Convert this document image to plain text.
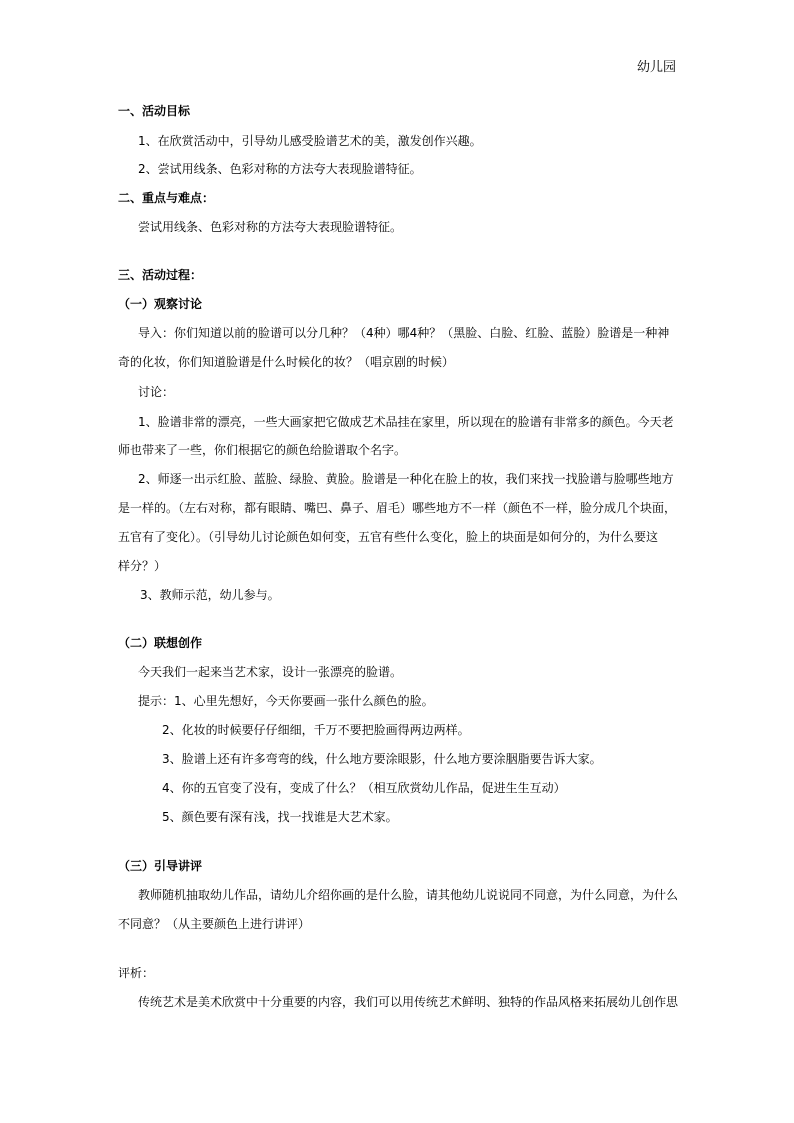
幼儿园
一、活动目标
1、在欣赏活动中，引导幼儿感受脸谱艺术的美，激发创作兴趣。
2、尝试用线条、色彩对称的方法夸大表现脸谱特征。
二、重点与难点：
尝试用线条、色彩对称的方法夸大表现脸谱特征。
三、活动过程：
（一）观察讨论
导入：你们知道以前的脸谱可以分几种？（4种）哪4种？（黑脸、白脸、红脸、蓝脸）脸谱是一种神
奇的化妆，你们知道脸谱是什么时候化的妆？（唱京剧的时候）
讨论：
1、脸谱非常的漂亮，一些大画家把它做成艺术品挂在家里，所以现在的脸谱有非常多的颜色。今天老
师也带来了一些，你们根据它的颜色给脸谱取个名字。
2、师逐一出示红脸、蓝脸、绿脸、黄脸。脸谱是一种化在脸上的妆，我们来找一找脸谱与脸哪些地方
是一样的。（左右对称，都有眼睛、嘴巴、鼻子、眉毛）哪些地方不一样（颜色不一样，脸分成几个块面，
五官有了变化）。（引导幼儿讨论颜色如何变，五官有些什么变化，脸上的块面是如何分的，为什么要这
样分？）
3、教师示范，幼儿参与。
（二）联想创作
今天我们一起来当艺术家，设计一张漂亮的脸谱。
提示：1、心里先想好，今天你要画一张什么颜色的脸。
2、化妆的时候要仔仔细细，千万不要把脸画得两边两样。
3、脸谱上还有许多弯弯的线，什么地方要涂眼影，什么地方要涂胭脂要告诉大家。
4、你的五官变了没有，变成了什么？（相互欣赏幼儿作品，促进生生互动）
5、颜色要有深有浅，找一找谁是大艺术家。
（三）引导讲评
教师随机抽取幼儿作品，请幼儿介绍你画的是什么脸，请其他幼儿说说同不同意，为什么同意，为什么
不同意？（从主要颜色上进行讲评）
评析：
传统艺术是美术欣赏中十分重要的内容，我们可以用传统艺术鲜明、独特的作品风格来拓展幼儿创作思
